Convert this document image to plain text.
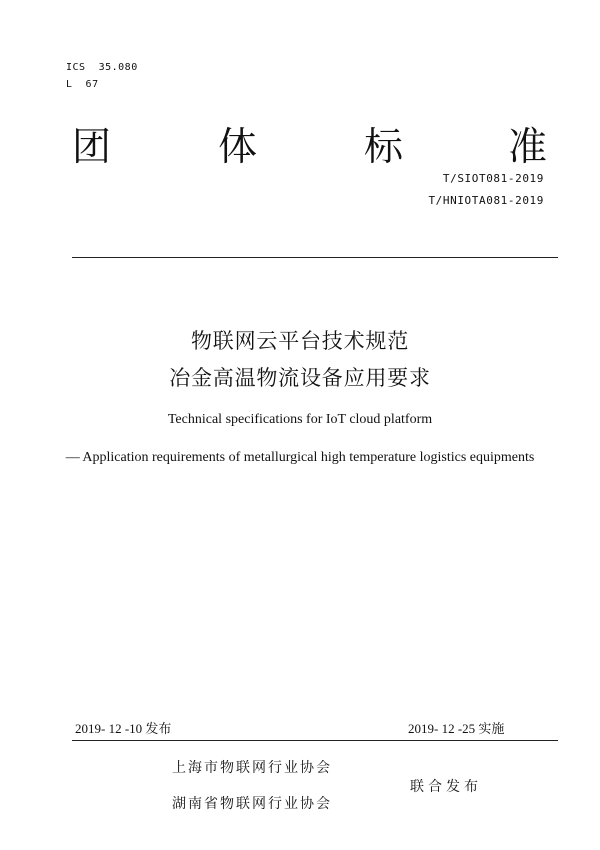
ICS  35.080
L  67
团	体	标	准
T/SIOT081-2019
T/HNIOTA081-2019
物联网云平台技术规范
冶金高温物流设备应用要求
Technical specifications for IoT cloud platform
— Application requirements of metallurgical high temperature logistics equipments
2019- 12 -10 发布	2019- 12 -25 实施
上海市物联网行业协会
湖南省物联网行业协会
联合发布
